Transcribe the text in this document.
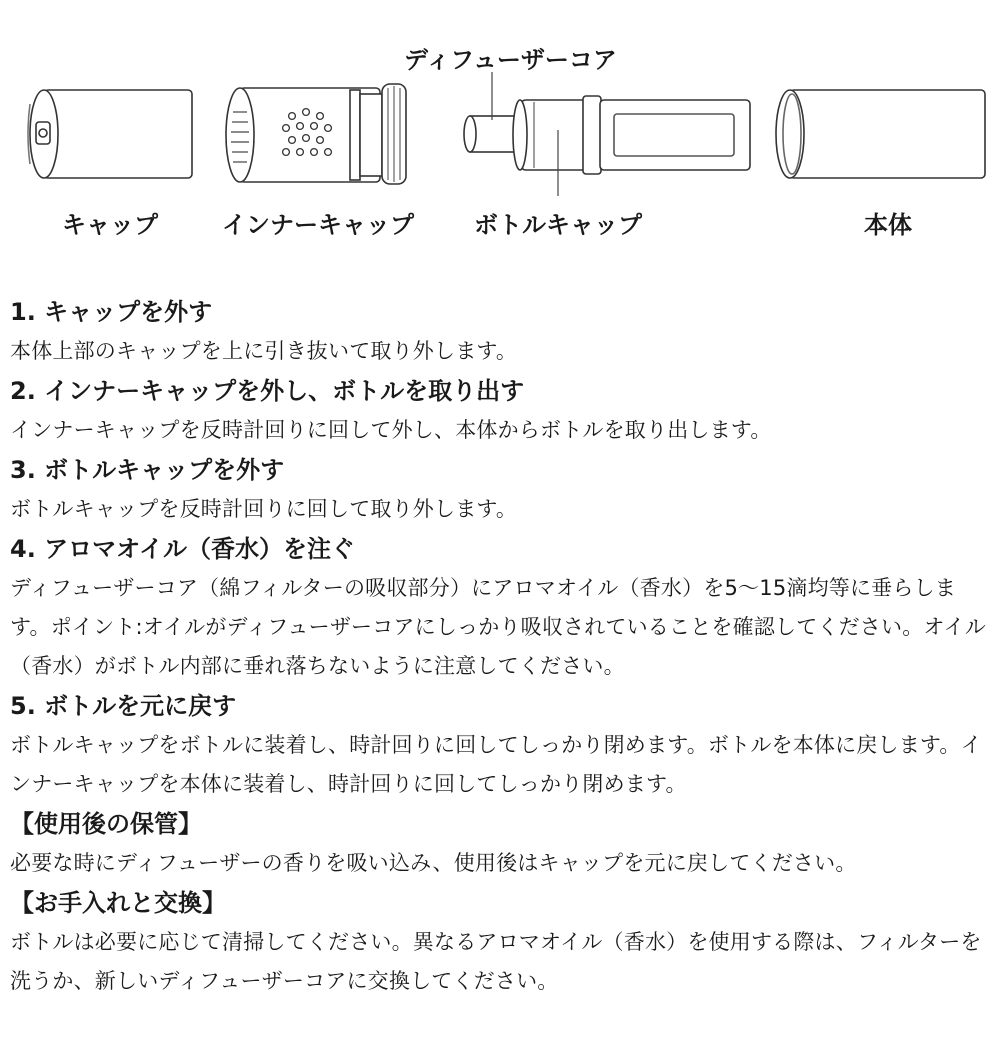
ディフューザーコア
キャップ	インナーキャップ	ボトルキャップ	本体
1. キャップを外す

本体上部のキャップを上に引き抜いて取り外します。

2. インナーキャップを外し、ボトルを取り出す

インナーキャップを反時計回りに回して外し、本体からボトルを取り出します。

3. ボトルキャップを外す

ボトルキャップを反時計回りに回して取り外します。

4. アロマオイル（香水）を注ぐ

ディフューザーコア（綿フィルターの吸収部分）にアロマオイル（香水）を5〜15滴均等に垂らします。ポイント:オイルがディフューザーコアにしっかり吸収されていることを確認してください。オイル（香水）がボトル内部に垂れ落ちないように注意してください。

5. ボトルを元に戻す

ボトルキャップをボトルに装着し、時計回りに回してしっかり閉めます。ボトルを本体に戻します。インナーキャップを本体に装着し、時計回りに回してしっかり閉めます。

【使用後の保管】

必要な時にディフューザーの香りを吸い込み、使用後はキャップを元に戻してください。

【お手入れと交換】

ボトルは必要に応じて清掃してください。異なるアロマオイル（香水）を使用する際は、フィルターを洗うか、新しいディフューザーコアに交換してください。
